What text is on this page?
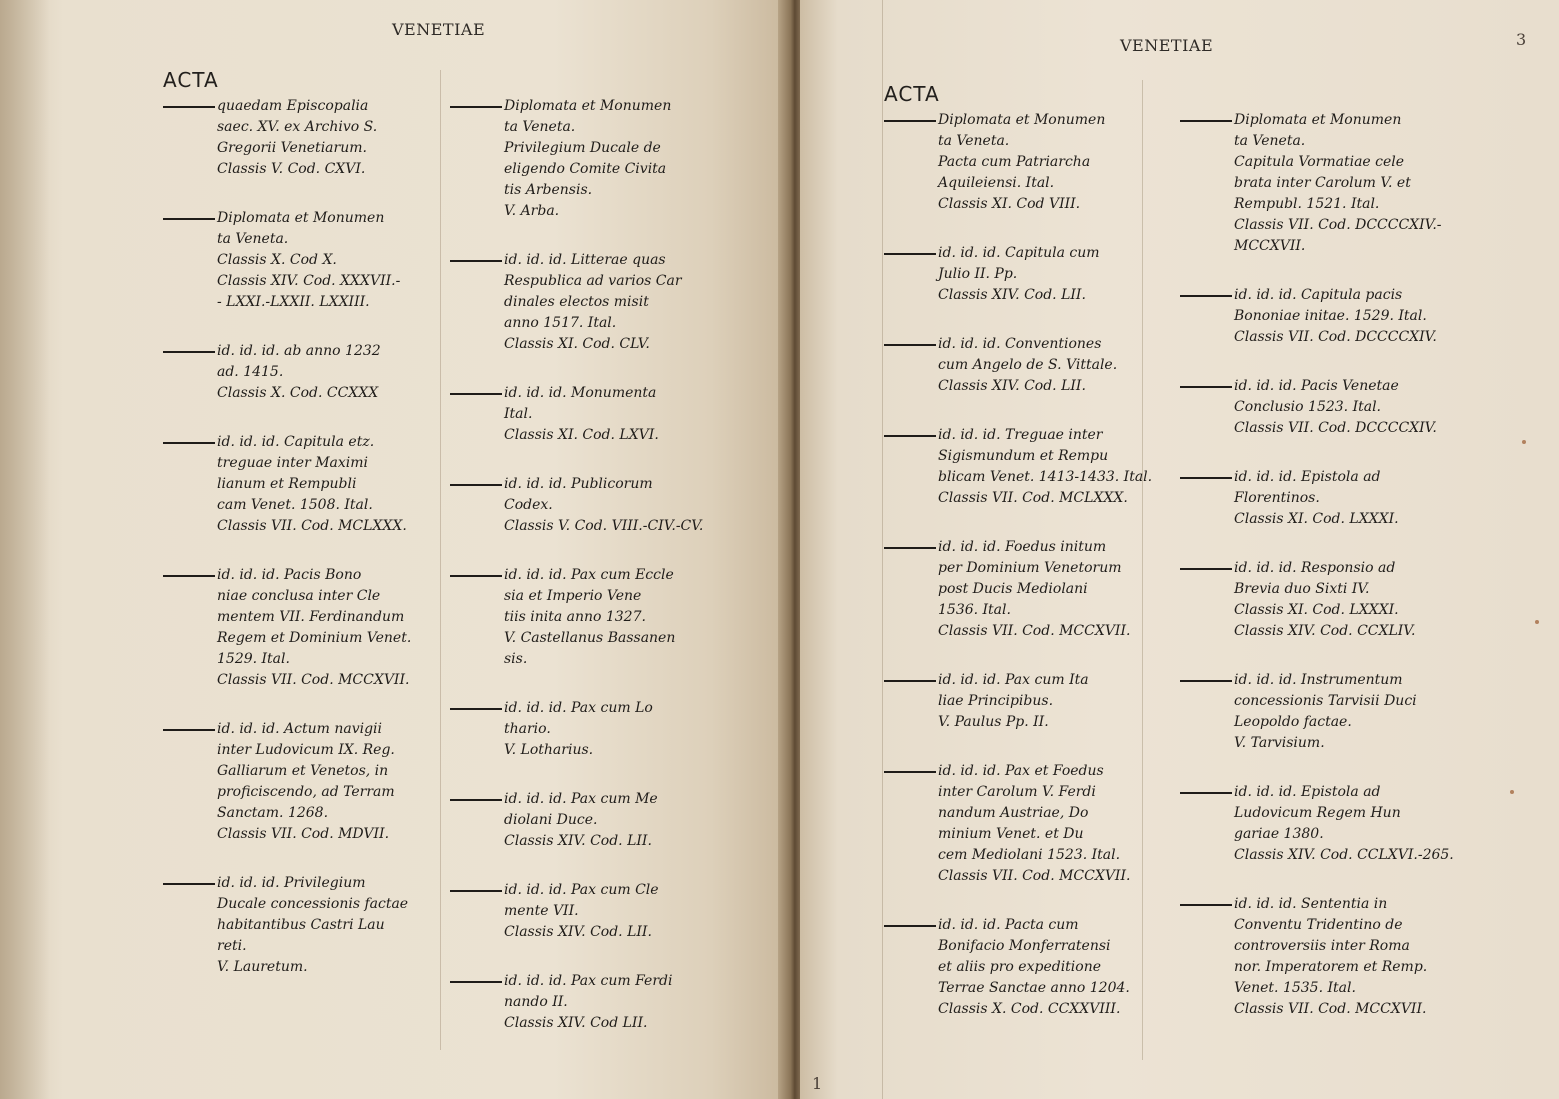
VENETIAE
ACTA
quaedam Episcopalia
saec. XV. ex Archivo S.
Gregorii Venetiarum.
Classis V. Cod. CXVI.
Diplomata et Monumen
ta Veneta.
Classis X. Cod X.
Classis XIV. Cod. XXXVII.-
- LXXI.-LXXII. LXXIII.
id. id. id. ab anno 1232
ad. 1415.
Classis X. Cod. CCXXX
id. id. id. Capitula etz.
treguae inter Maximi
lianum et Rempubli
cam Venet. 1508. Ital.
Classis VII. Cod. MCLXXX.
id. id. id. Pacis Bono
niae conclusa inter Cle
mentem VII. Ferdinandum
Regem et Dominium Venet.
1529. Ital.
Classis VII. Cod. MCCXVII.
id. id. id. Actum navigii
inter Ludovicum IX. Reg.
Galliarum et Venetos, in
proficiscendo, ad Terram
Sanctam. 1268.
Classis VII. Cod. MDVII.
id. id. id. Privilegium
Ducale concessionis factae
habitantibus Castri Lau
reti.
V. Lauretum.
Diplomata et Monumen
ta Veneta.
Privilegium Ducale de
eligendo Comite Civita
tis Arbensis.
V. Arba.
id. id. id. Litterae quas
Respublica ad varios Car
dinales electos misit
anno 1517. Ital.
Classis XI. Cod. CLV.
id. id. id. Monumenta
Ital.
Classis XI. Cod. LXVI.
id. id. id. Publicorum
Codex.
Classis V. Cod. VIII.-CIV.-CV.
id. id. id. Pax cum Eccle
sia et Imperio Vene
tiis inita anno 1327.
V. Castellanus Bassanen
sis.
id. id. id. Pax cum Lo
thario.
V. Lotharius.
id. id. id. Pax cum Me
diolani Duce.
Classis XIV. Cod. LII.
id. id. id. Pax cum Cle
mente VII.
Classis XIV. Cod. LII.
id. id. id. Pax cum Ferdi
nando II.
Classis XIV. Cod LII.
VENETIAE	3
ACTA
Diplomata et Monumen
ta Veneta.
Pacta cum Patriarcha
Aquileiensi. Ital.
Classis XI. Cod VIII.
id. id. id. Capitula cum
Julio II. Pp.
Classis XIV. Cod. LII.
id. id. id. Conventiones
cum Angelo de S. Vittale.
Classis XIV. Cod. LII.
id. id. id. Treguae inter
Sigismundum et Rempu
blicam Venet. 1413-1433. Ital.
Classis VII. Cod. MCLXXX.
id. id. id. Foedus initum
per Dominium Venetorum
post Ducis Mediolani
1536. Ital.
Classis VII. Cod. MCCXVII.
id. id. id. Pax cum Ita
liae Principibus.
V. Paulus Pp. II.
id. id. id. Pax et Foedus
inter Carolum V. Ferdi
nandum Austriae, Do
minium Venet. et Du
cem Mediolani 1523. Ital.
Classis VII. Cod. MCCXVII.
id. id. id. Pacta cum
Bonifacio Monferratensi
et aliis pro expeditione
Terrae Sanctae anno 1204.
Classis X. Cod. CCXXVIII.
Diplomata et Monumen
ta Veneta.
Capitula Vormatiae cele
brata inter Carolum V. et
Rempubl. 1521. Ital.
Classis VII. Cod. DCCCCXIV.-
MCCXVII.
id. id. id. Capitula pacis
Bononiae initae. 1529. Ital.
Classis VII. Cod. DCCCCXIV.
id. id. id. Pacis Venetae
Conclusio 1523. Ital.
Classis VII. Cod. DCCCCXIV.
id. id. id. Epistola ad
Florentinos.
Classis XI. Cod. LXXXI.
id. id. id. Responsio ad
Brevia duo Sixti IV.
Classis XI. Cod. LXXXI.
Classis XIV. Cod. CCXLIV.
id. id. id. Instrumentum
concessionis Tarvisii Duci
Leopoldo factae.
V. Tarvisium.
id. id. id. Epistola ad
Ludovicum Regem Hun
gariae 1380.
Classis XIV. Cod. CCLXVI.-265.
id. id. id. Sententia in
Conventu Tridentino de
controversiis inter Roma
nor. Imperatorem et Remp.
Venet. 1535. Ital.
Classis VII. Cod. MCCXVII.
1
